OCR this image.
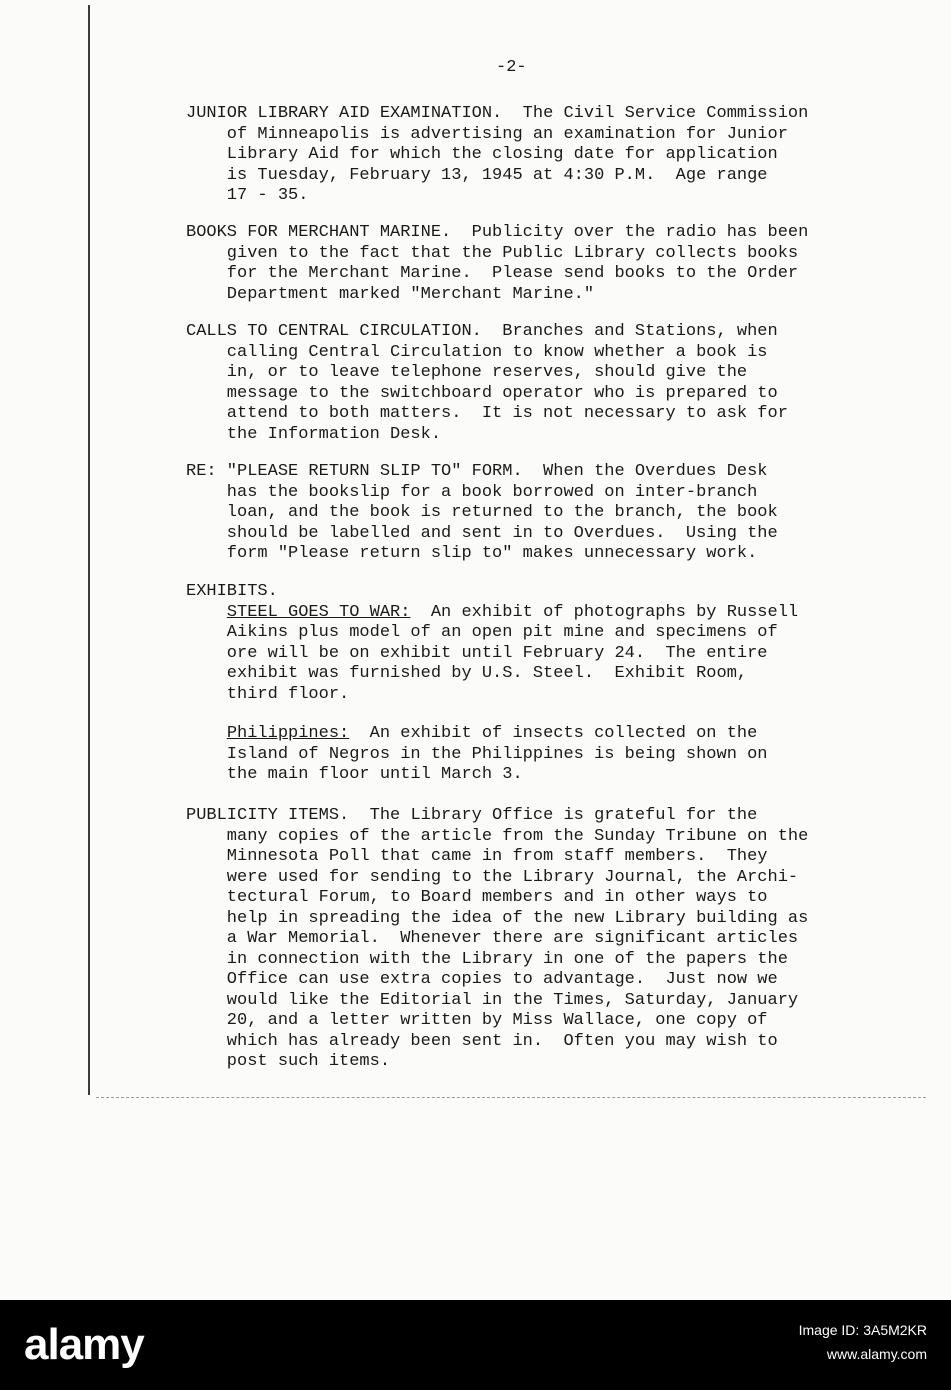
-2-
JUNIOR LIBRARY AID EXAMINATION.  The Civil Service Commission
of Minneapolis is advertising an examination for Junior
Library Aid for which the closing date for application
is Tuesday, February 13, 1945 at 4:30 P.M.  Age range
17 - 35.
BOOKS FOR MERCHANT MARINE.  Publicity over the radio has been
given to the fact that the Public Library collects books
for the Merchant Marine.  Please send books to the Order
Department marked "Merchant Marine."
CALLS TO CENTRAL CIRCULATION.  Branches and Stations, when
calling Central Circulation to know whether a book is
in, or to leave telephone reserves, should give the
message to the switchboard operator who is prepared to
attend to both matters.  It is not necessary to ask for
the Information Desk.
RE: "PLEASE RETURN SLIP TO" FORM.  When the Overdues Desk
has the bookslip for a book borrowed on inter-branch
loan, and the book is returned to the branch, the book
should be labelled and sent in to Overdues.  Using the
form "Please return slip to" makes unnecessary work.
EXHIBITS.
STEEL GOES TO WAR:  An exhibit of photographs by Russell
Aikins plus model of an open pit mine and specimens of
ore will be on exhibit until February 24.  The entire
exhibit was furnished by U.S. Steel.  Exhibit Room,
third floor.
Philippines:  An exhibit of insects collected on the
Island of Negros in the Philippines is being shown on
the main floor until March 3.
PUBLICITY ITEMS.  The Library Office is grateful for the
many copies of the article from the Sunday Tribune on the
Minnesota Poll that came in from staff members.  They
were used for sending to the Library Journal, the Archi-
tectural Forum, to Board members and in other ways to
help in spreading the idea of the new Library building as
a War Memorial.  Whenever there are significant articles
in connection with the Library in one of the papers the
Office can use extra copies to advantage.  Just now we
would like the Editorial in the Times, Saturday, January
20, and a letter written by Miss Wallace, one copy of
which has already been sent in.  Often you may wish to
post such items.
alamy	Image ID: 3A5M2KR
www.alamy.com
